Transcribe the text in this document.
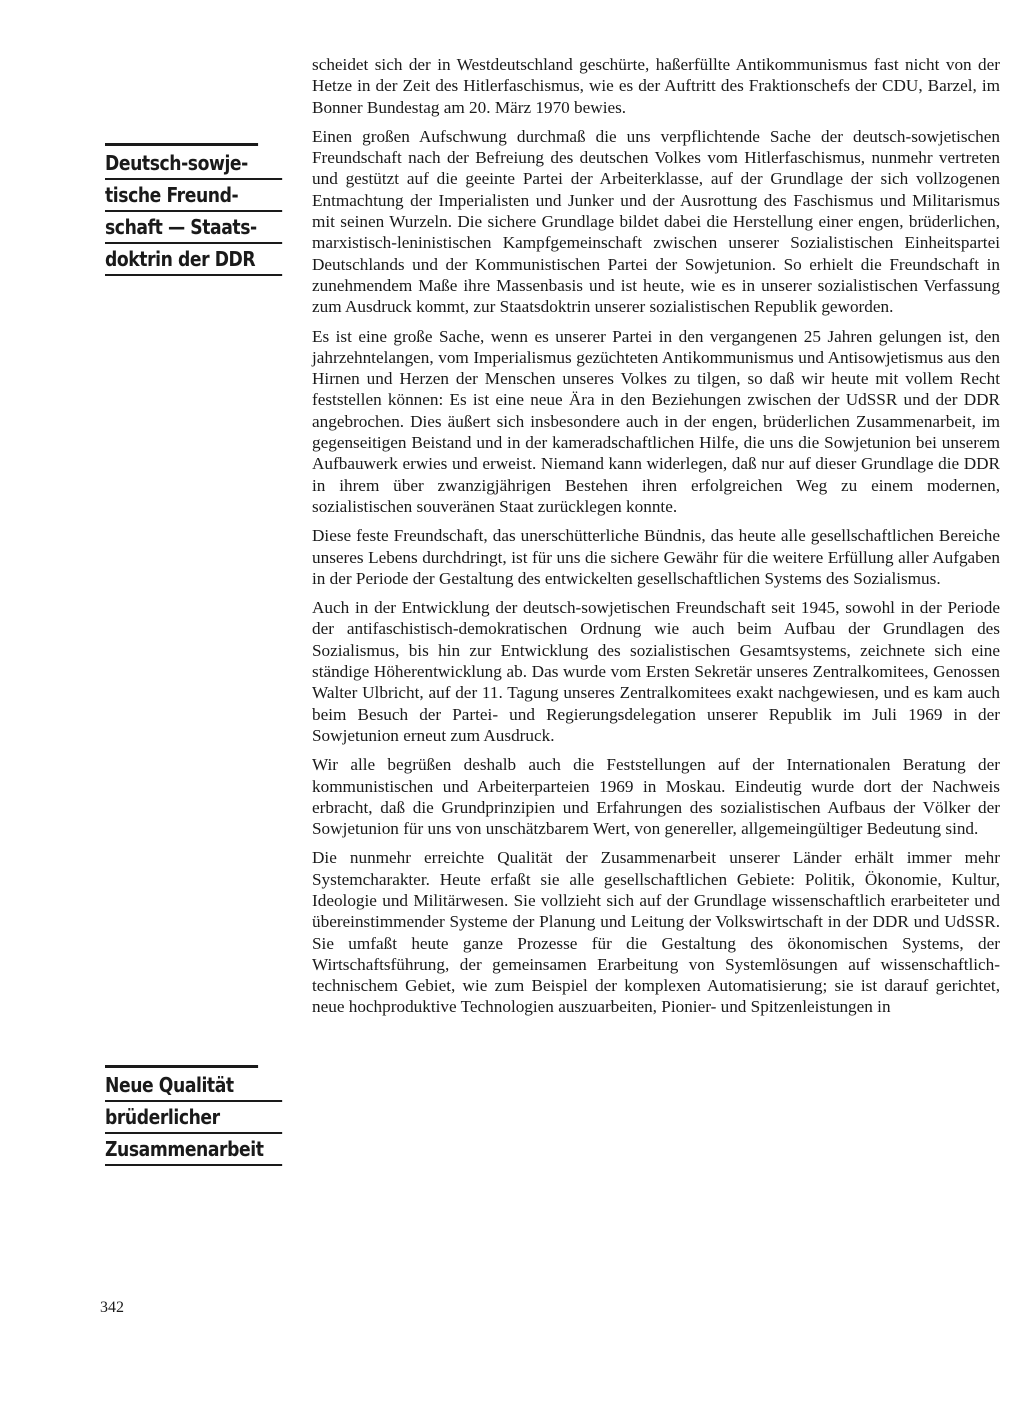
Deutsch-sowje-
tische Freund-
schaft — Staats-
doktrin der DDR
Neue Qualität
brüderlicher
Zusammenarbeit

scheidet sich der in Westdeutschland geschürte, haßerfüllte Antikommunismus fast nicht von der Hetze in der Zeit des Hitlerfaschismus, wie es der Auftritt des Fraktionschefs der CDU, Barzel, im Bonner Bundestag am 20. März 1970 bewies.

Einen großen Aufschwung durchmaß die uns verpflichtende Sache der deutsch-sowjetischen Freundschaft nach der Befreiung des deutschen Volkes vom Hitlerfaschismus, nunmehr vertreten und gestützt auf die geeinte Partei der Arbeiterklasse, auf der Grundlage der sich vollzogenen Entmachtung der Imperialisten und Junker und der Ausrottung des Faschismus und Militarismus mit seinen Wurzeln. Die sichere Grundlage bildet dabei die Herstellung einer engen, brüderlichen, marxistisch-leninistischen Kampfgemeinschaft zwischen unserer Sozialistischen Einheitspartei Deutschlands und der Kommunistischen Partei der Sowjetunion. So erhielt die Freundschaft in zunehmendem Maße ihre Massenbasis und ist heute, wie es in unserer sozialistischen Verfassung zum Ausdruck kommt, zur Staatsdoktrin unserer sozialistischen Republik geworden.

Es ist eine große Sache, wenn es unserer Partei in den vergangenen 25 Jahren gelungen ist, den jahrzehntelangen, vom Imperialismus gezüchteten Antikommunismus und Antisowjetismus aus den Hirnen und Herzen der Menschen unseres Volkes zu tilgen, so daß wir heute mit vollem Recht feststellen können: Es ist eine neue Ära in den Beziehungen zwischen der UdSSR und der DDR angebrochen. Dies äußert sich insbesondere auch in der engen, brüderlichen Zusammenarbeit, im gegenseitigen Beistand und in der kameradschaftlichen Hilfe, die uns die Sowjetunion bei unserem Aufbauwerk erwies und erweist. Niemand kann widerlegen, daß nur auf dieser Grundlage die DDR in ihrem über zwanzigjährigen Bestehen ihren erfolgreichen Weg zu einem modernen, sozialistischen souveränen Staat zurücklegen konnte.

Diese feste Freundschaft, das unerschütterliche Bündnis, das heute alle gesellschaftlichen Bereiche unseres Lebens durchdringt, ist für uns die sichere Gewähr für die weitere Erfüllung aller Aufgaben in der Periode der Gestaltung des entwickelten gesellschaftlichen Systems des Sozialismus.

Auch in der Entwicklung der deutsch-sowjetischen Freundschaft seit 1945, sowohl in der Periode der antifaschistisch-demokratischen Ordnung wie auch beim Aufbau der Grundlagen des Sozialismus, bis hin zur Entwicklung des sozialistischen Gesamtsystems, zeichnete sich eine ständige Höherentwicklung ab. Das wurde vom Ersten Sekretär unseres Zentralkomitees, Genossen Walter Ulbricht, auf der 11. Tagung unseres Zentralkomitees exakt nachgewiesen, und es kam auch beim Besuch der Partei- und Regierungsdelegation unserer Republik im Juli 1969 in der Sowjetunion erneut zum Ausdruck.

Wir alle begrüßen deshalb auch die Feststellungen auf der Internationalen Beratung der kommunistischen und Arbeiterparteien 1969 in Moskau. Eindeutig wurde dort der Nachweis erbracht, daß die Grundprinzipien und Erfahrungen des sozialistischen Aufbaus der Völker der Sowjetunion für uns von unschätzbarem Wert, von genereller, allgemeingültiger Bedeutung sind.

Die nunmehr erreichte Qualität der Zusammenarbeit unserer Länder erhält immer mehr Systemcharakter. Heute erfaßt sie alle gesellschaftlichen Gebiete: Politik, Ökonomie, Kultur, Ideologie und Militärwesen. Sie vollzieht sich auf der Grundlage wissenschaftlich erarbeiteter und übereinstimmender Systeme der Planung und Leitung der Volkswirtschaft in der DDR und UdSSR. Sie umfaßt heute ganze Prozesse für die Gestaltung des ökonomischen Systems, der Wirtschaftsführung, der gemeinsamen Erarbeitung von Systemlösungen auf wissenschaftlich-technischem Gebiet, wie zum Beispiel der komplexen Automatisierung; sie ist darauf gerichtet, neue hochproduktive Technologien auszuarbeiten, Pionier- und Spitzenleistungen in

342
